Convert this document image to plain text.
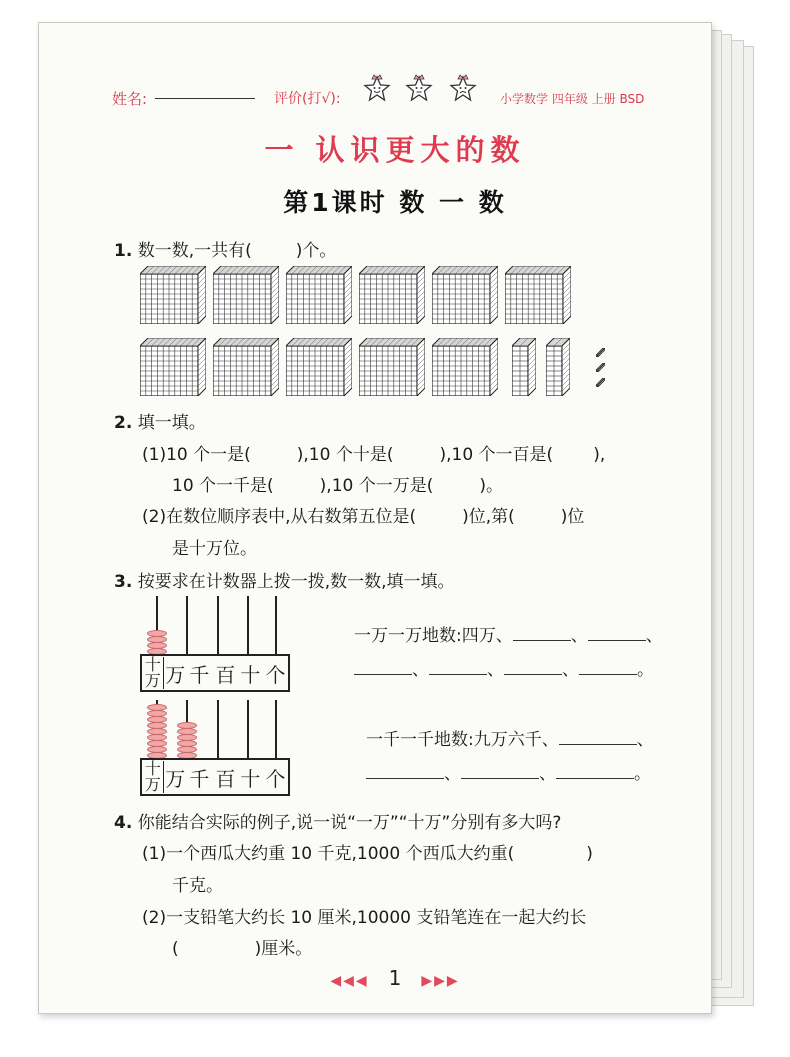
姓名:	评价(打√):	小学数学 四年级 上册 BSD
一 认识更大的数
第1课时 数 一 数
1. 数一数,一共有(	)个。
2. 填一填。
(1)10 个一是(	),10 个十是(	),10 个一百是( ),
10 个一千是(	),10 个一万是(	)。
(2)在数位顺序表中,从右数第五位是(	)位,第(	)位
是十万位。
3. 按要求在计数器上拨一拨,数一数,填一填。
十万 万 千 百 十 个
十万 万 千 百 十 个
一万一万地数:四万、	、	、
、	、	、	。
一千一千地数:九万六千、	、
、	、	。
4. 你能结合实际的例子,说一说“一万”“十万”分别有多大吗?
(1)一个西瓜大约重 10 千克,1000 个西瓜大约重(	)
千克。
(2)一支铅笔大约长 10 厘米,10000 支铅笔连在一起大约长
(	)厘米。
◀◀◀ 1 ▶▶▶
